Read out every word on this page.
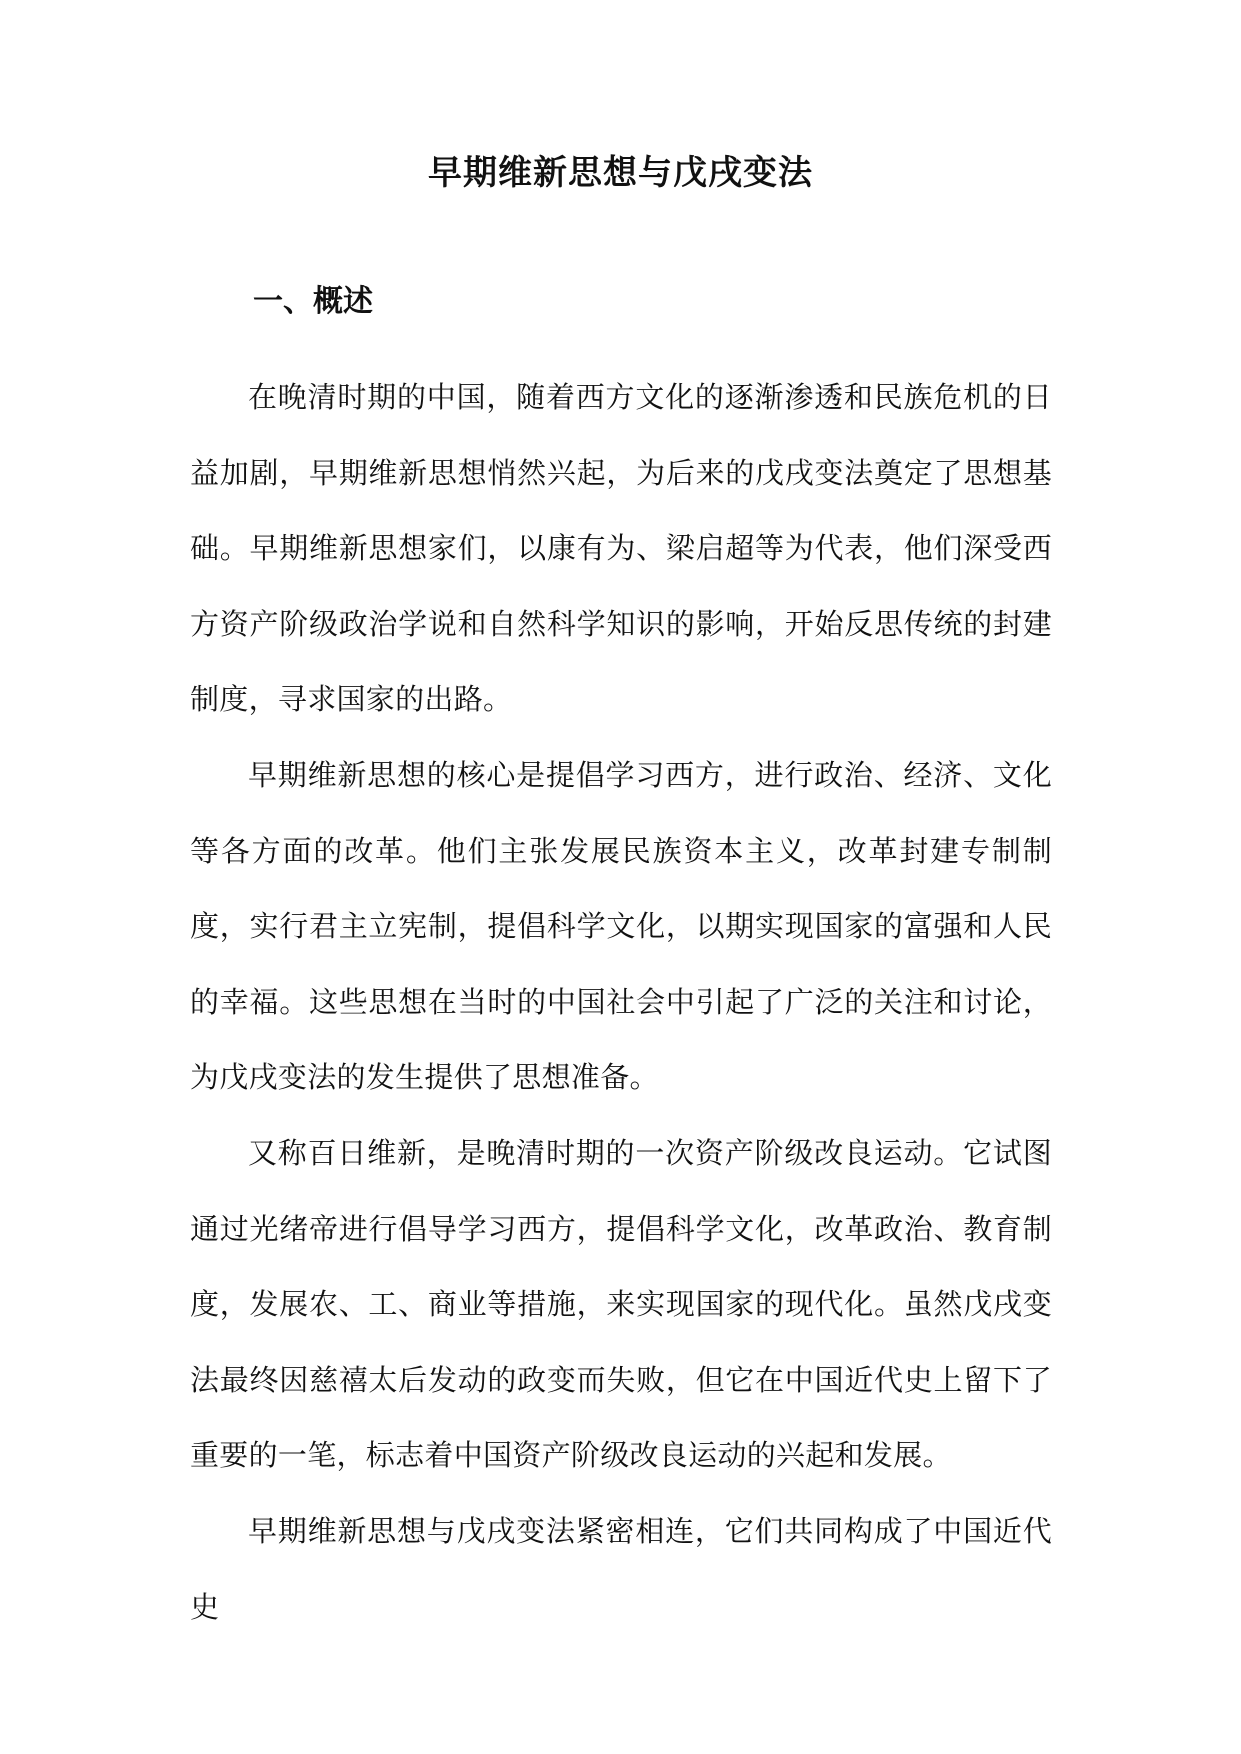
早期维新思想与戊戌变法
一、概述

在晚清时期的中国，随着西方文化的逐渐渗透和民族危机的日益加剧，早期维新思想悄然兴起，为后来的戊戌变法奠定了思想基础。早期维新思想家们，以康有为、梁启超等为代表，他们深受西方资产阶级政治学说和自然科学知识的影响，开始反思传统的封建制度，寻求国家的出路。

早期维新思想的核心是提倡学习西方，进行政治、经济、文化等各方面的改革。他们主张发展民族资本主义，改革封建专制制度，实行君主立宪制，提倡科学文化，以期实现国家的富强和人民的幸福。这些思想在当时的中国社会中引起了广泛的关注和讨论，为戊戌变法的发生提供了思想准备。

又称百日维新，是晚清时期的一次资产阶级改良运动。它试图通过光绪帝进行倡导学习西方，提倡科学文化，改革政治、教育制度，发展农、工、商业等措施，来实现国家的现代化。虽然戊戌变法最终因慈禧太后发动的政变而失败，但它在中国近代史上留下了重要的一笔，标志着中国资产阶级改良运动的兴起和发展。

早期维新思想与戊戌变法紧密相连，它们共同构成了中国近代史
